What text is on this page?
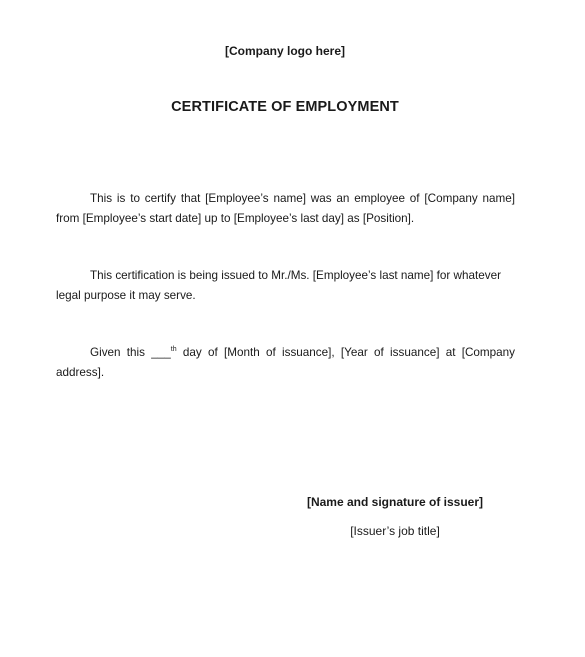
[Company logo here]
CERTIFICATE OF EMPLOYMENT

This is to certify that [Employee’s name] was an employee of [Company name] from [Employee’s start date] up to [Employee’s last day] as [Position].

This certification is being issued to Mr./Ms. [Employee’s last name] for whatever legal purpose it may serve.

Given this ___$^{th}$ day of [Month of issuance], [Year of issuance] at [Company address].

[Name and signature of issuer]
[Issuer’s job title]
